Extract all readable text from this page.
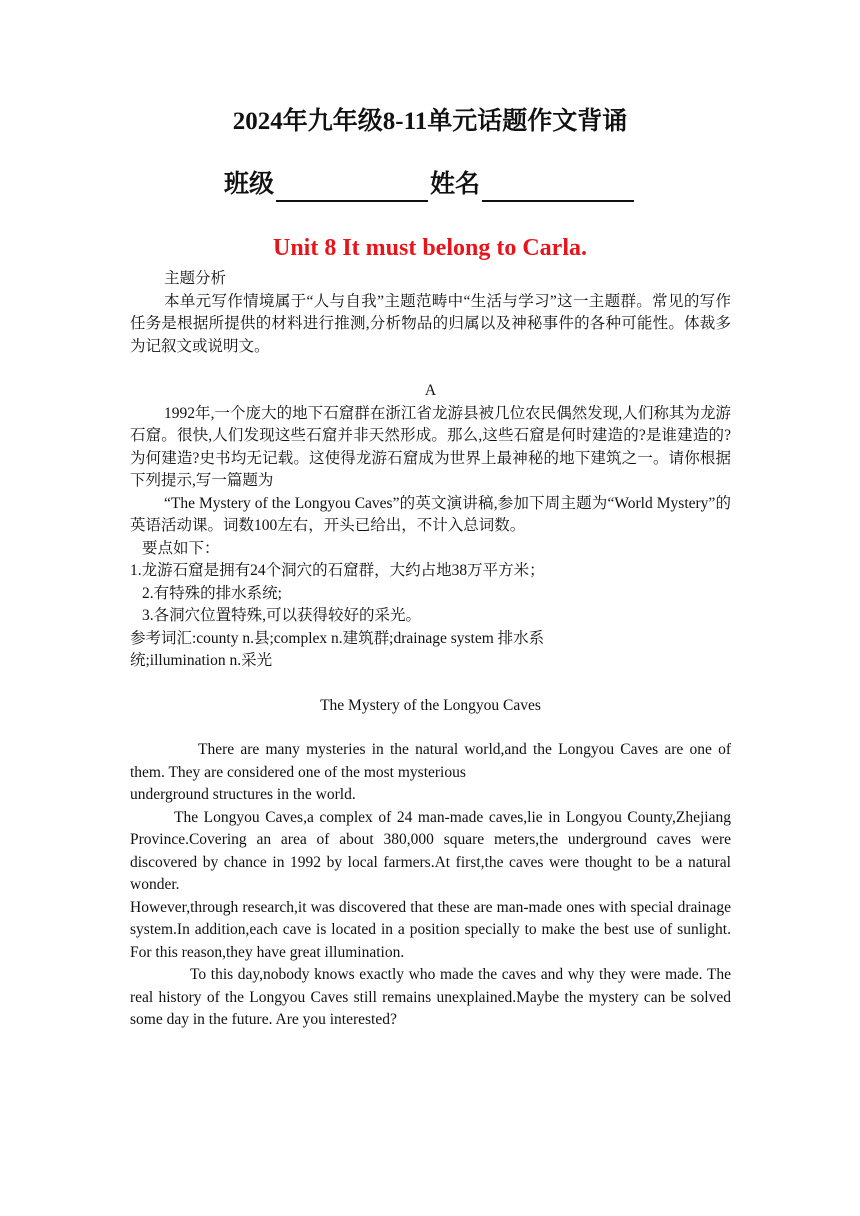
2024年九年级8-11单元话题作文背诵
班级	姓名
Unit 8 It must belong to Carla.

主题分析

本单元写作情境属于“人与自我”主题范畴中“生活与学习”这一主题群。常见的写作任务是根据所提供的材料进行推测,分析物品的归属以及神秘事件的各种可能性。体裁多为记叙文或说明文。

A

1992年,一个庞大的地下石窟群在浙江省龙游县被几位农民偶然发现,人们称其为龙游石窟。很快,人们发现这些石窟并非天然形成。那么,这些石窟是何时建造的?是谁建造的?为何建造?史书均无记载。这使得龙游石窟成为世界上最神秘的地下建筑之一。请你根据下列提示,写一篇题为

“The Mystery of the Longyou Caves”的英文演讲稿,参加下周主题为“World Mystery”的英语活动课。词数100左右，开头已给出，不计入总词数。

要点如下：

1.龙游石窟是拥有24个洞穴的石窟群，大约占地38万平方米；

2.有特殊的排水系统;

3.各洞穴位置特殊,可以获得较好的采光。

参考词汇:county n.县;complex n.建筑群;drainage system 排水系

统;illumination n.采光

The Mystery of the Longyou Caves

There are many mysteries in the natural world,and the Longyou Caves are one of them. They are considered one of the most mysterious

underground structures in the world.

The Longyou Caves,a complex of 24 man-made caves,lie in Longyou County,Zhejiang Province.Covering an area of about 380,000 square meters,the underground caves were discovered by chance in 1992 by local farmers.At first,the caves were thought to be a natural wonder.

However,through research,it was discovered that these are man-made ones with special drainage system.In addition,each cave is located in a position specially to make the best use of sunlight. For this reason,they have great illumination.

To this day,nobody knows exactly who made the caves and why they were made. The real history of the Longyou Caves still remains unexplained.Maybe the mystery can be solved some day in the future. Are you interested?
